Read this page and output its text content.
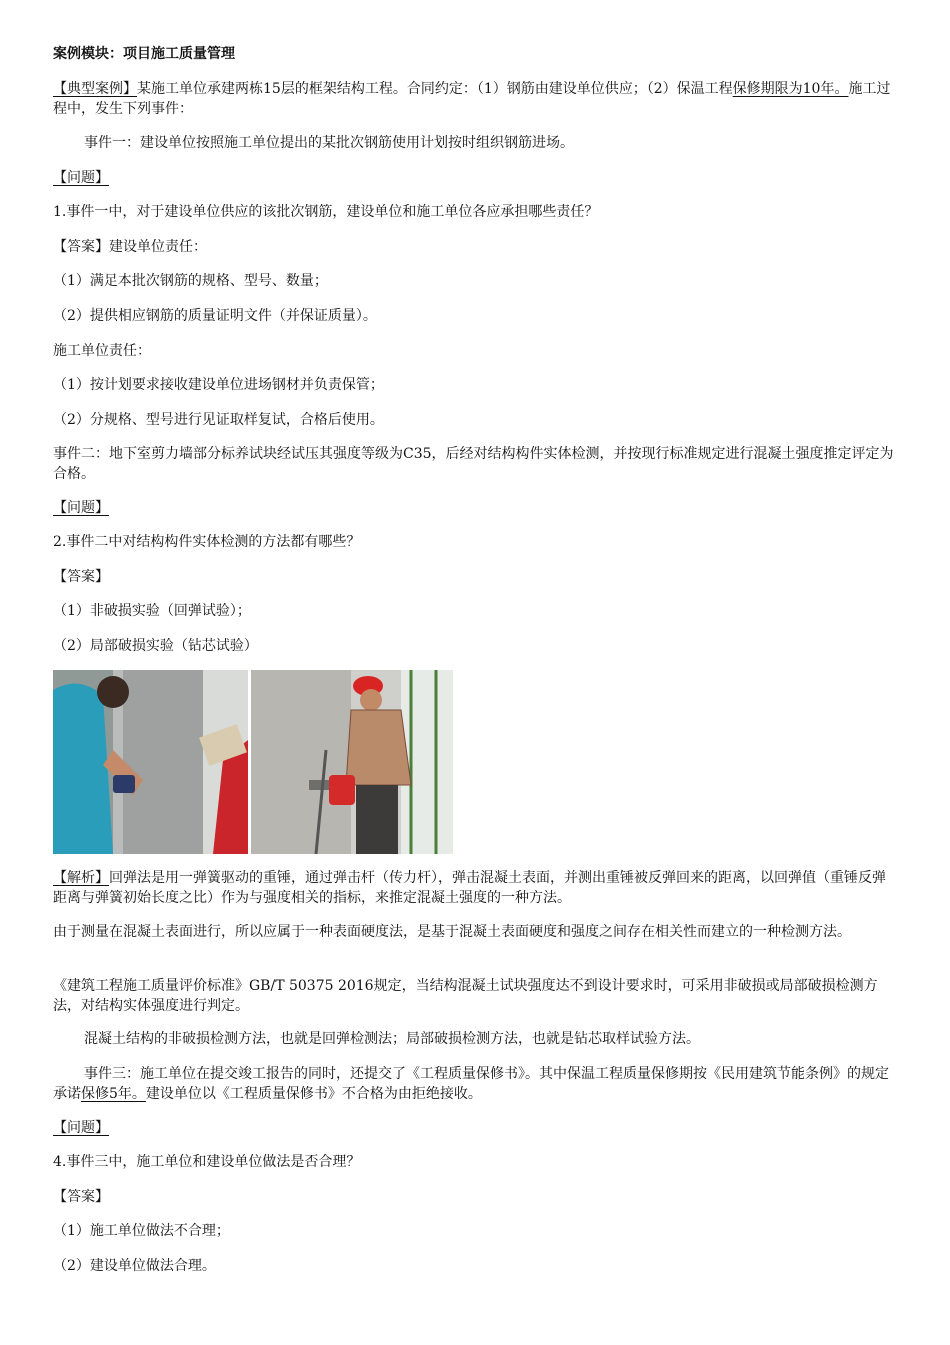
案例模块：项目施工质量管理
【典型案例】某施工单位承建两栋15层的框架结构工程。合同约定：（1）钢筋由建设单位供应；（2）保温工程保修期限为10年。施工过程中，发生下列事件：
事件一：建设单位按照施工单位提出的某批次钢筋使用计划按时组织钢筋进场。
【问题】
1.事件一中，对于建设单位供应的该批次钢筋，建设单位和施工单位各应承担哪些责任？
【答案】建设单位责任：
（1）满足本批次钢筋的规格、型号、数量；
（2）提供相应钢筋的质量证明文件（并保证质量）。
施工单位责任：
（1）按计划要求接收建设单位进场钢材并负责保管；
（2）分规格、型号进行见证取样复试，合格后使用。
事件二：地下室剪力墙部分标养试块经试压其强度等级为C35，后经对结构构件实体检测，并按现行标准规定进行混凝土强度推定评定为合格。
【问题】
2.事件二中对结构构件实体检测的方法都有哪些？
【答案】
（1）非破损实验（回弹试验）；
（2）局部破损实验（钻芯试验）
【解析】回弹法是用一弹簧驱动的重锤，通过弹击杆（传力杆），弹击混凝土表面，并测出重锤被反弹回来的距离，以回弹值（重锤反弹距离与弹簧初始长度之比）作为与强度相关的指标，来推定混凝土强度的一种方法。
由于测量在混凝土表面进行，所以应属于一种表面硬度法，是基于混凝土表面硬度和强度之间存在相关性而建立的一种检测方法。
《建筑工程施工质量评价标准》GB/T 50375 2016规定，当结构混凝土试块强度达不到设计要求时，可采用非破损或局部破损检测方法，对结构实体强度进行判定。
混凝土结构的非破损检测方法，也就是回弹检测法；局部破损检测方法，也就是钻芯取样试验方法。
事件三：施工单位在提交竣工报告的同时，还提交了《工程质量保修书》。其中保温工程质量保修期按《民用建筑节能条例》的规定承诺保修5年。建设单位以《工程质量保修书》不合格为由拒绝接收。
【问题】
4.事件三中，施工单位和建设单位做法是否合理？
【答案】
（1）施工单位做法不合理；
（2）建设单位做法合理。
